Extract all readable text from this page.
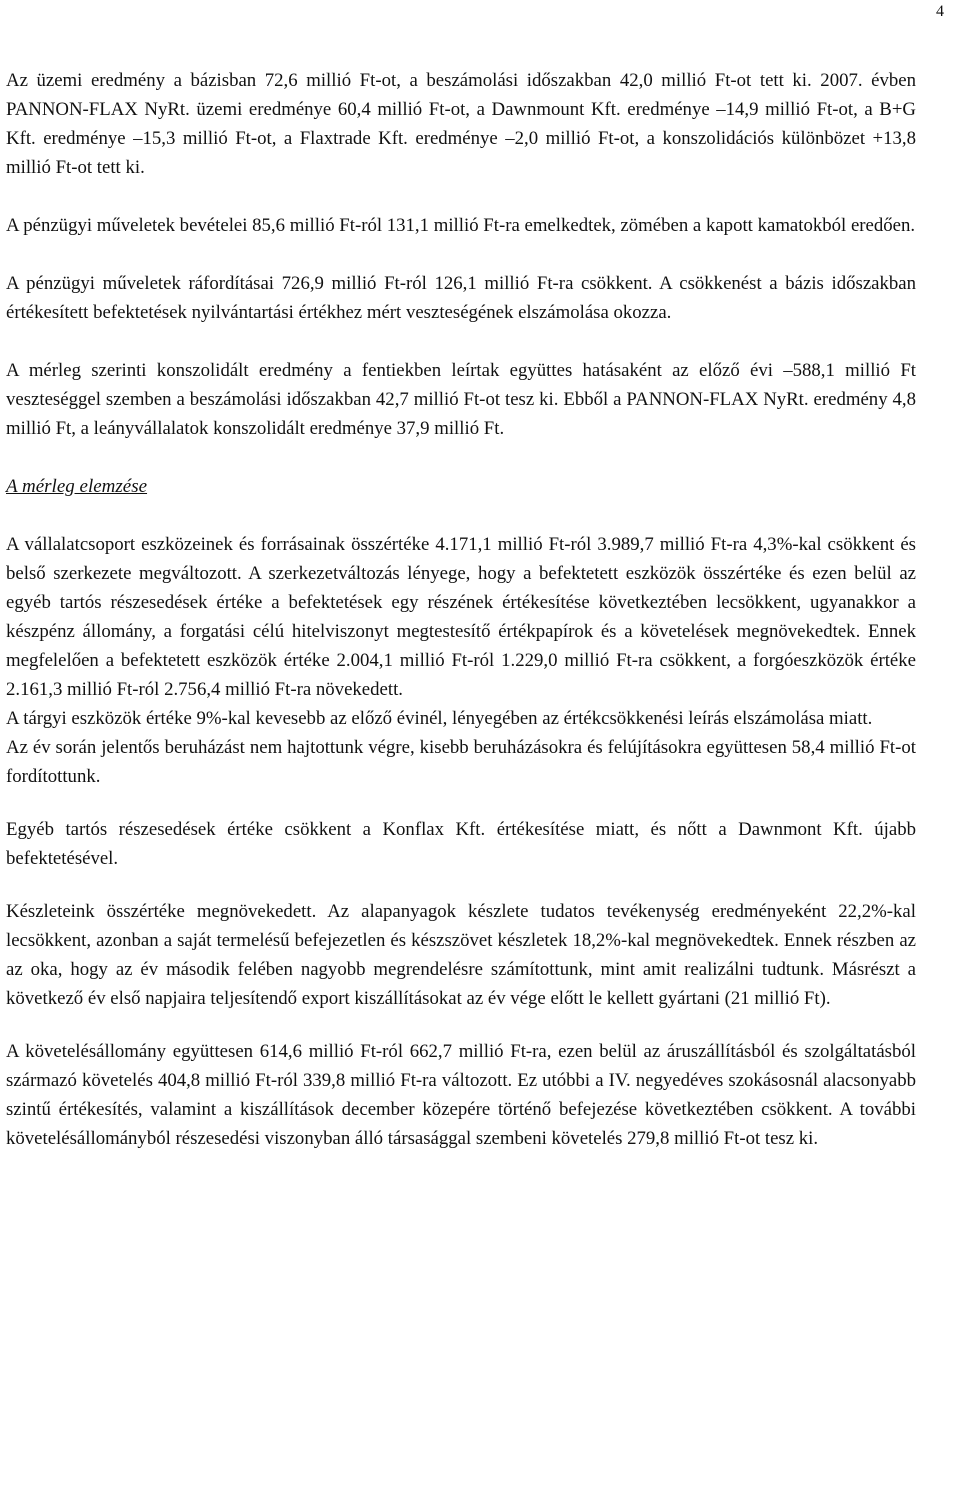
4

Az üzemi eredmény a bázisban 72,6 millió Ft-ot, a beszámolási időszakban 42,0 millió Ft-ot tett ki. 2007. évben PANNON-FLAX NyRt. üzemi eredménye 60,4 millió Ft-ot, a Dawnmount Kft. eredménye –14,9 millió Ft-ot, a B+G Kft. eredménye –15,3 millió Ft-ot, a Flaxtrade Kft. eredménye –2,0 millió Ft-ot, a konszolidációs különbözet +13,8 millió Ft-ot tett ki.

A pénzügyi műveletek bevételei 85,6 millió Ft-ról 131,1 millió Ft-ra emelkedtek, zömében a kapott kamatokból eredően.

A pénzügyi műveletek ráfordításai 726,9 millió Ft-ról 126,1 millió Ft-ra csökkent. A csökkenést a bázis időszakban értékesített befektetések nyilvántartási értékhez mért veszteségének elszámolása okozza.

A mérleg szerinti konszolidált eredmény a fentiekben leírtak együttes hatásaként az előző évi –588,1 millió Ft veszteséggel szemben a beszámolási időszakban 42,7 millió Ft-ot tesz ki. Ebből a PANNON-FLAX NyRt. eredmény 4,8 millió Ft, a leányvállalatok konszolidált eredménye 37,9 millió Ft.

A mérleg elemzése

A vállalatcsoport eszközeinek és forrásainak összértéke 4.171,1 millió Ft-ról 3.989,7 millió Ft-ra 4,3%-kal csökkent és belső szerkezete megváltozott. A szerkezetváltozás lényege, hogy a befektetett eszközök összértéke és ezen belül az egyéb tartós részesedések értéke a befektetések egy részének értékesítése következtében lecsökkent, ugyanakkor a készpénz állomány, a forgatási célú hitelviszonyt megtestesítő értékpapírok és a követelések megnövekedtek. Ennek megfelelően a befektetett eszközök értéke 2.004,1 millió Ft-ról 1.229,0 millió Ft-ra csökkent, a forgóeszközök értéke 2.161,3 millió Ft-ról 2.756,4 millió Ft-ra növekedett.

A tárgyi eszközök értéke 9%-kal kevesebb az előző évinél, lényegében az értékcsökkenési leírás elszámolása miatt.

Az év során jelentős beruházást nem hajtottunk végre, kisebb beruházásokra és felújításokra együttesen 58,4 millió Ft-ot fordítottunk.

Egyéb tartós részesedések értéke csökkent a Konflax Kft. értékesítése miatt, és nőtt a Dawnmont Kft. újabb befektetésével.

Készleteink összértéke megnövekedett. Az alapanyagok készlete tudatos tevékenység eredményeként 22,2%-kal lecsökkent, azonban a saját termelésű befejezetlen és készszövet készletek 18,2%-kal megnövekedtek. Ennek részben az az oka, hogy az év második felében nagyobb megrendelésre számítottunk, mint amit realizálni tudtunk. Másrészt a következő év első napjaira teljesítendő export kiszállításokat az év vége előtt le kellett gyártani (21 millió Ft).

A követelésállomány együttesen 614,6 millió Ft-ról 662,7 millió Ft-ra, ezen belül az áruszállításból és szolgáltatásból származó követelés 404,8 millió Ft-ról 339,8 millió Ft-ra változott. Ez utóbbi a IV. negyedéves szokásosnál alacsonyabb szintű értékesítés, valamint a kiszállítások december közepére történő befejezése következtében csökkent. A további követelésállományból részesedési viszonyban álló társasággal szembeni követelés 279,8 millió Ft-ot tesz ki.
